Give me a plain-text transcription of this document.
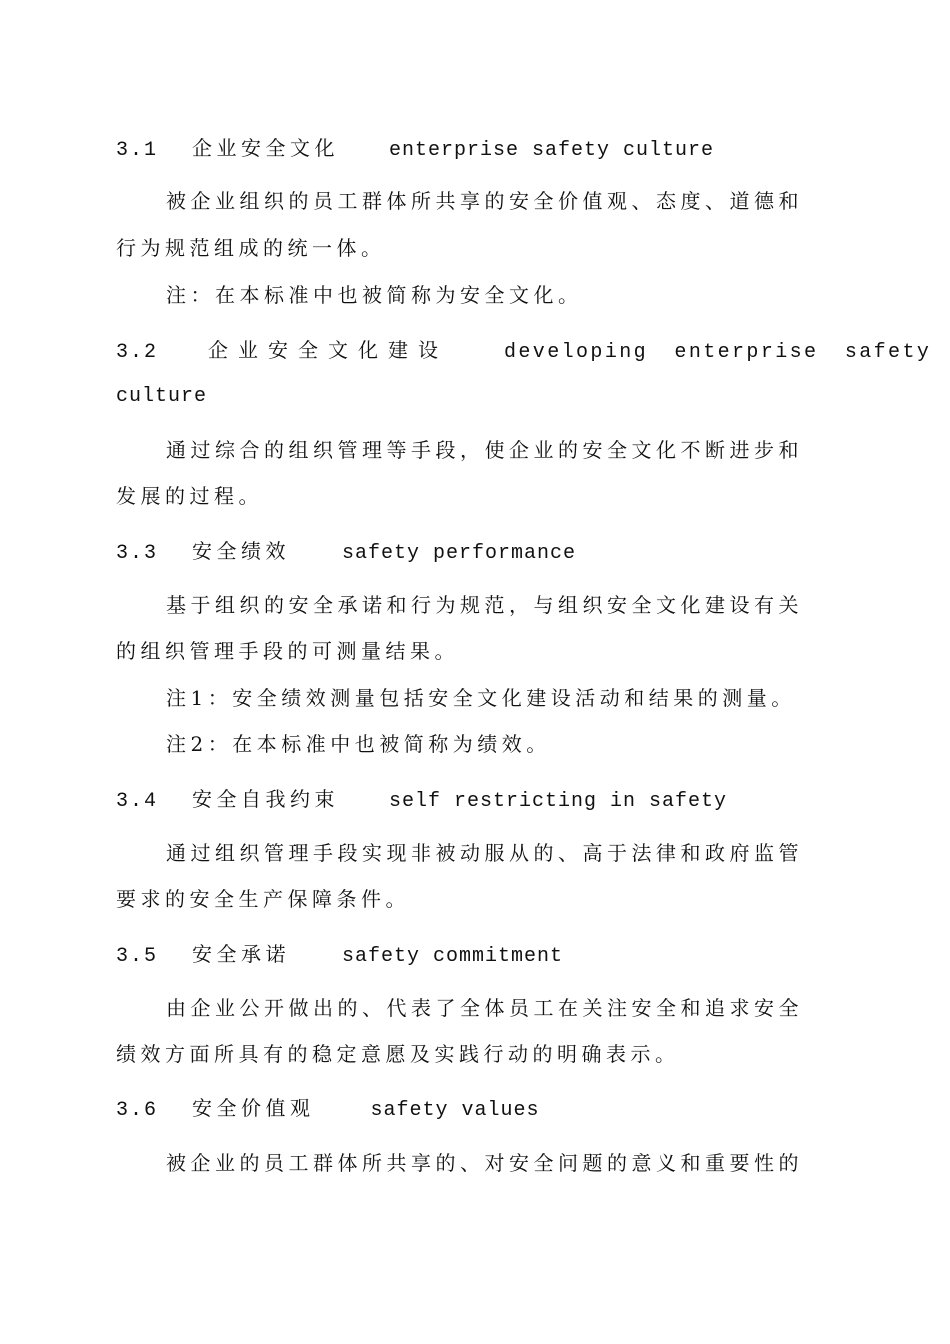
3.1 企业安全文化	enterprise safety culture
被企业组织的员工群体所共享的安全价值观、态度、道德和
行为规范组成的统一体。
注：在本标准中也被简称为安全文化。
3.2 企业安全文化建设	developing enterprise safety
culture
通过综合的组织管理等手段，使企业的安全文化不断进步和
发展的过程。
3.3 安全绩效	safety performance
基于组织的安全承诺和行为规范，与组织安全文化建设有关
的组织管理手段的可测量结果。
注1：安全绩效测量包括安全文化建设活动和结果的测量。
注2：在本标准中也被简称为绩效。
3.4 安全自我约束	self restricting in safety
通过组织管理手段实现非被动服从的、高于法律和政府监管
要求的安全生产保障条件。
3.5 安全承诺	safety commitment
由企业公开做出的、代表了全体员工在关注安全和追求安全
绩效方面所具有的稳定意愿及实践行动的明确表示。
3.6 安全价值观	safety values
被企业的员工群体所共享的、对安全问题的意义和重要性的
